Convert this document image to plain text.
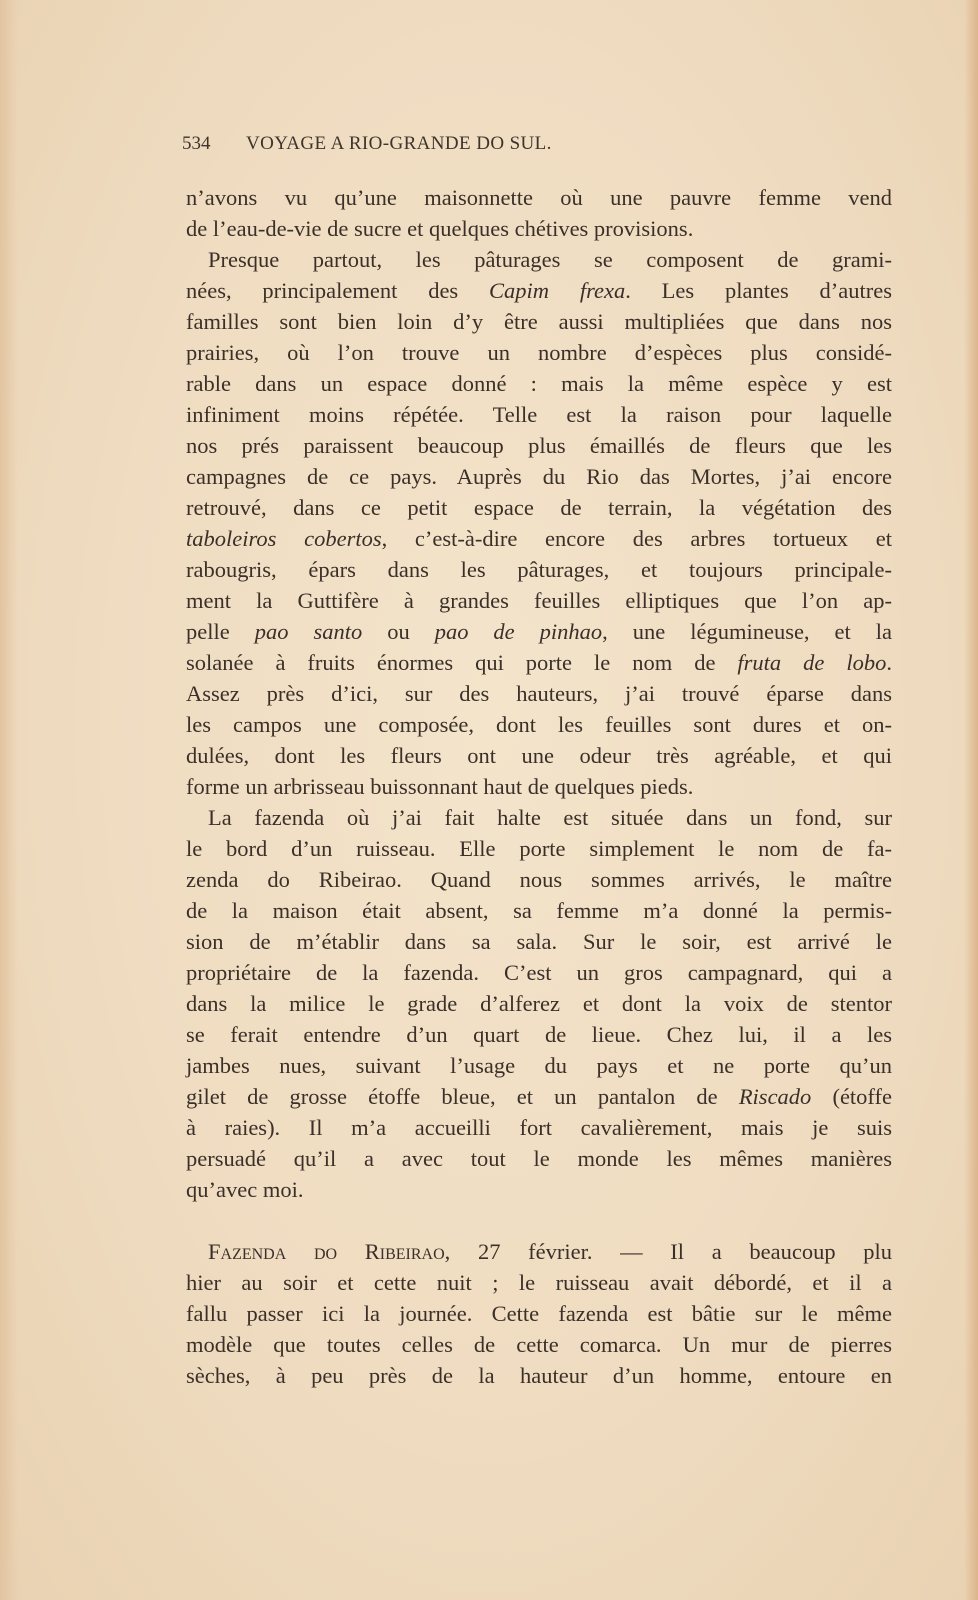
534 VOYAGE A RIO-GRANDE DO SUL.
n’avons vu qu’une maisonnette où une pauvre femme vend
de l’eau-de-vie de sucre et quelques chétives provisions.
Presque partout, les pâturages se composent de grami-
nées, principalement des Capim frexa. Les plantes d’autres
familles sont bien loin d’y être aussi multipliées que dans nos
prairies, où l’on trouve un nombre d’espèces plus considé-
rable dans un espace donné : mais la même espèce y est
infiniment moins répétée. Telle est la raison pour laquelle
nos prés paraissent beaucoup plus émaillés de fleurs que les
campagnes de ce pays. Auprès du Rio das Mortes, j’ai encore
retrouvé, dans ce petit espace de terrain, la végétation des
taboleiros cobertos, c’est-à-dire encore des arbres tortueux et
rabougris, épars dans les pâturages, et toujours principale-
ment la Guttifère à grandes feuilles elliptiques que l’on ap-
pelle pao santo ou pao de pinhao, une légumineuse, et la
solanée à fruits énormes qui porte le nom de fruta de lobo.
Assez près d’ici, sur des hauteurs, j’ai trouvé éparse dans
les campos une composée, dont les feuilles sont dures et on-
dulées, dont les fleurs ont une odeur très agréable, et qui
forme un arbrisseau buissonnant haut de quelques pieds.
La fazenda où j’ai fait halte est située dans un fond, sur
le bord d’un ruisseau. Elle porte simplement le nom de fa-
zenda do Ribeirao. Quand nous sommes arrivés, le maître
de la maison était absent, sa femme m’a donné la permis-
sion de m’établir dans sa sala. Sur le soir, est arrivé le
propriétaire de la fazenda. C’est un gros campagnard, qui a
dans la milice le grade d’alferez et dont la voix de stentor
se ferait entendre d’un quart de lieue. Chez lui, il a les
jambes nues, suivant l’usage du pays et ne porte qu’un
gilet de grosse étoffe bleue, et un pantalon de Riscado (étoffe
à raies). Il m’a accueilli fort cavalièrement, mais je suis
persuadé qu’il a avec tout le monde les mêmes manières
qu’avec moi.
Fazenda do Ribeirao, 27 février. — Il a beaucoup plu
hier au soir et cette nuit ; le ruisseau avait débordé, et il a
fallu passer ici la journée. Cette fazenda est bâtie sur le même
modèle que toutes celles de cette comarca. Un mur de pierres
sèches, à peu près de la hauteur d’un homme, entoure en
